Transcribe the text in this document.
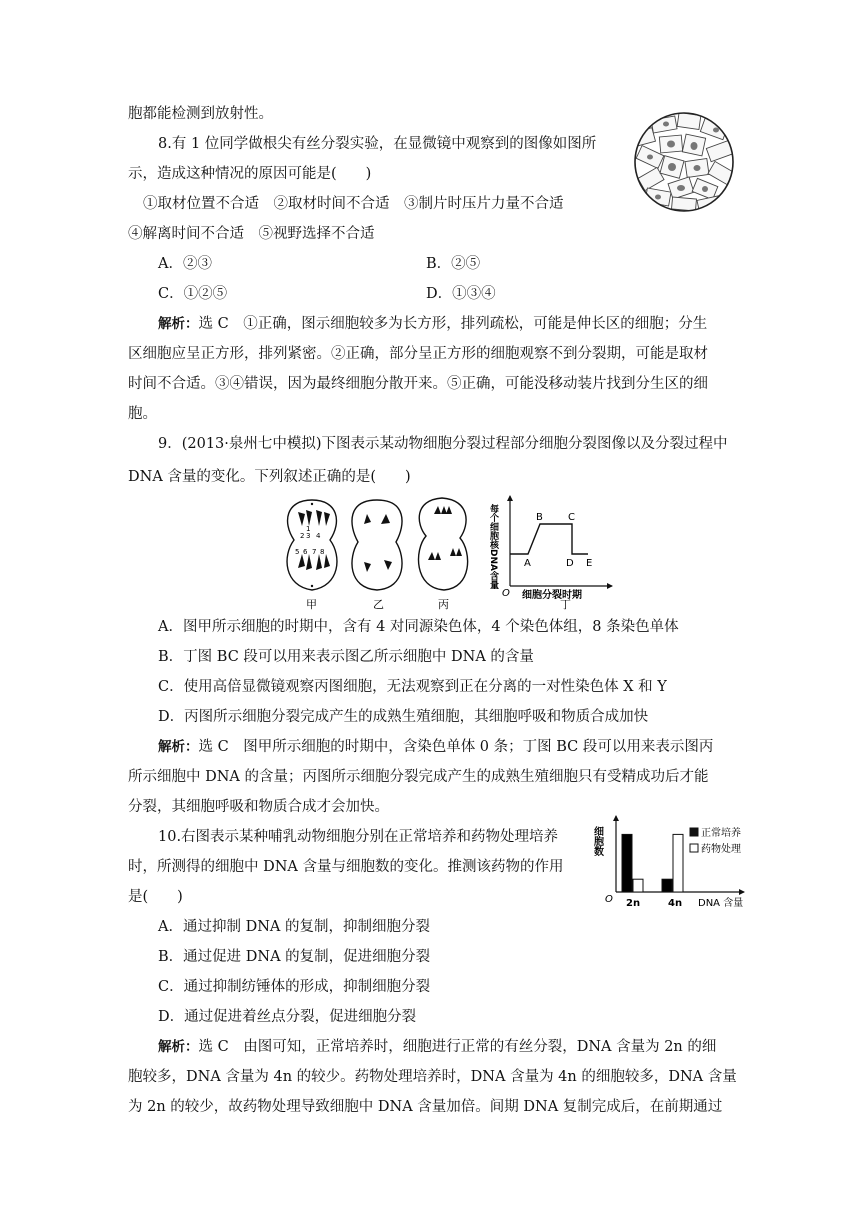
胞都能检测到放射性。
8.有 1 位同学做根尖有丝分裂实验，在显微镜中观察到的图像如图所
示，造成这种情况的原因可能是(　　)
①取材位置不合适　②取材时间不合适　③制片时压片力量不合适
④解离时间不合适　⑤视野选择不合适
A．②③	B．②⑤
C．①②⑤	D．①③④
解析：选 C　①正确，图示细胞较多为长方形，排列疏松，可能是伸长区的细胞；分生
区细胞应呈正方形，排列紧密。②正确，部分呈正方形的细胞观察不到分裂期，可能是取材
时间不合适。③④错误，因为最终细胞分散开来。⑤正确，可能没移动装片找到分生区的细
胞。
9．(2013·泉州七中模拟)下图表示某动物细胞分裂过程部分细胞分裂图像以及分裂过程中
DNA 含量的变化。下列叙述正确的是(　　)
A．图甲所示细胞的时期中，含有 4 对同源染色体，4 个染色体组，8 条染色单体
B．丁图 BC 段可以用来表示图乙所示细胞中 DNA 的含量
C．使用高倍显微镜观察丙图细胞，无法观察到正在分离的一对性染色体 X 和 Y
D．丙图所示细胞分裂完成产生的成熟生殖细胞，其细胞呼吸和物质合成加快
解析：选 C　图甲所示细胞的时期中，含染色单体 0 条；丁图 BC 段可以用来表示图丙
所示细胞中 DNA 的含量；丙图所示细胞分裂完成产生的成熟生殖细胞只有受精成功后才能
分裂，其细胞呼吸和物质合成才会加快。
10.右图表示某种哺乳动物细胞分别在正常培养和药物处理培养
时，所测得的细胞中 DNA 含量与细胞数的变化。推测该药物的作用
是(　　)
A．通过抑制 DNA 的复制，抑制细胞分裂
B．通过促进 DNA 的复制，促进细胞分裂
C．通过抑制纺锤体的形成，抑制细胞分裂
D．通过促进着丝点分裂，促进细胞分裂
解析：选 C　由图可知，正常培养时，细胞进行正常的有丝分裂，DNA 含量为 2n 的细
胞较多，DNA 含量为 4n 的较少。药物处理培养时，DNA 含量为 4n 的细胞较多，DNA 含量
为 2n 的较少，故药物处理导致细胞中 DNA 含量加倍。间期 DNA 复制完成后，在前期通过
2 3 4
1
5 6 7 8	每个细胞核DNA含量
O 细胞分裂时期
A
B	C
D E
甲	乙	丙	丁
细胞数
O 2n	4n DNA 含量
正常培养
药物处理
